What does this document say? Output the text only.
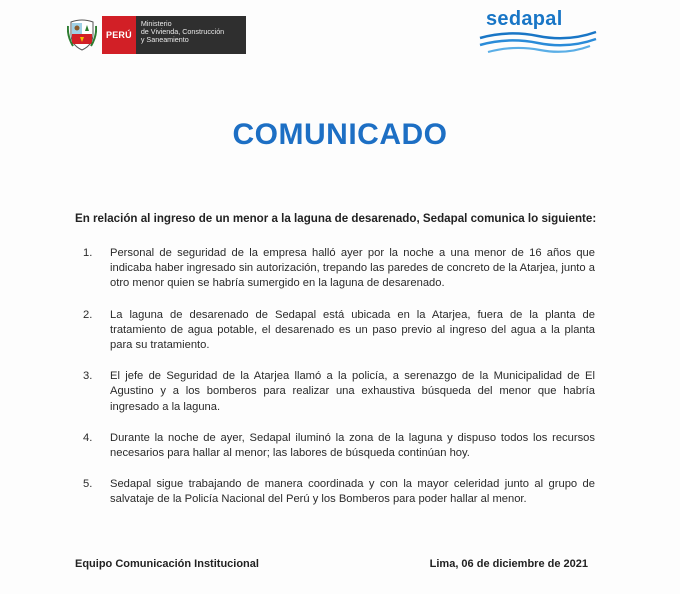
PERÚ
Ministerio
de Vivienda, Construcción
y Saneamiento
sedapal
COMUNICADO
En relación al ingreso de un menor a la laguna de desarenado, Sedapal comunica lo siguiente:
1. Personal de seguridad de la empresa halló ayer por la noche a una menor de 16 años que indicaba haber ingresado sin autorización, trepando las paredes de concreto de la Atarjea, junto a otro menor quien se habría sumergido en la laguna de desarenado.
2. La laguna de desarenado de Sedapal está ubicada en la Atarjea, fuera de la planta de tratamiento de agua potable, el desarenado es un paso previo al ingreso del agua a la planta para su tratamiento.
3. El jefe de Seguridad de la Atarjea llamó a la policía, a serenazgo de la Municipalidad de El Agustino y a los bomberos para realizar una exhaustiva búsqueda del menor que habría ingresado a la laguna.
4. Durante la noche de ayer, Sedapal iluminó la zona de la laguna y dispuso todos los recursos necesarios para hallar al menor; las labores de búsqueda continúan hoy.
5. Sedapal sigue trabajando de manera coordinada y con la mayor celeridad junto al grupo de salvataje de la Policía Nacional del Perú y los Bomberos para poder hallar al menor.
Equipo Comunicación Institucional	Lima, 06 de diciembre de 2021
